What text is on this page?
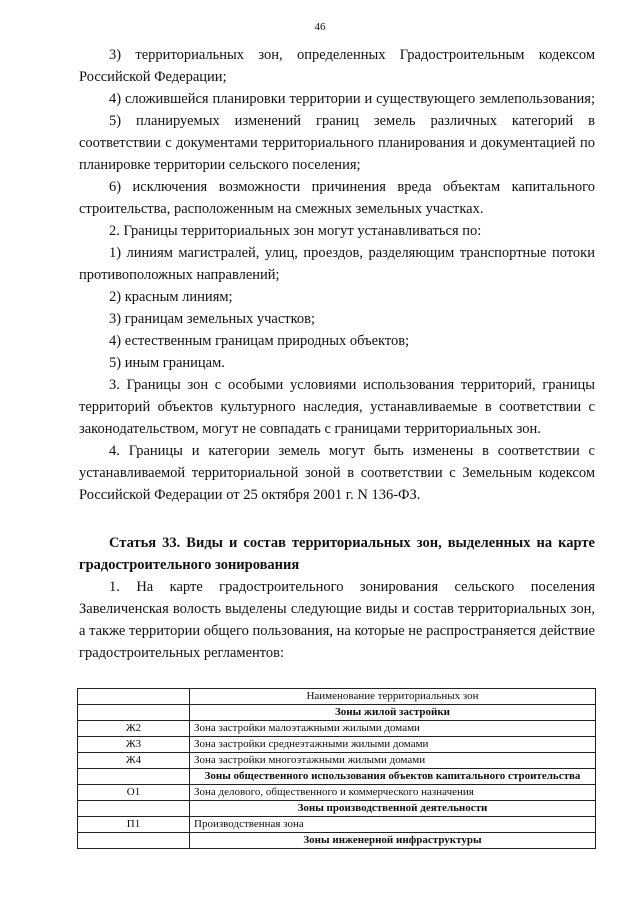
46

3) территориальных зон, определенных Градостроительным кодексом Российской Федерации;

4) сложившейся планировки территории и существующего землепользования;

5) планируемых изменений границ земель различных категорий в соответствии с документами территориального планирования и документацией по планировке территории сельского поселения;

6) исключения возможности причинения вреда объектам капитального строительства, расположенным на смежных земельных участках.

2. Границы территориальных зон могут устанавливаться по:

1) линиям магистралей, улиц, проездов, разделяющим транспортные потоки противоположных направлений;

2) красным линиям;

3) границам земельных участков;

4) естественным границам природных объектов;

5) иным границам.

3. Границы зон с особыми условиями использования территорий, границы территорий объектов культурного наследия, устанавливаемые в соответствии с законодательством, могут не совпадать с границами территориальных зон.

4. Границы и категории земель могут быть изменены в соответствии с устанавливаемой территориальной зоной в соответствии с Земельным кодексом Российской Федерации от 25 октября 2001 г. N 136-ФЗ.

Статья 33. Виды и состав территориальных зон, выделенных на карте градостроительного зонирования

1. На карте градостроительного зонирования сельского поселения Завеличенская волость выделены следующие виды и состав территориальных зон, а также территории общего пользования, на которые не распространяется действие градостроительных регламентов:

	Наименование территориальных зон
	Зоны жилой застройки
Ж2	Зона застройки малоэтажными жилыми домами
Ж3	Зона застройки среднеэтажными жилыми домами
Ж4	Зона застройки многоэтажными жилыми домами
	Зоны общественного использования объектов капитального строительства
О1	Зона делового, общественного и коммерческого назначения
	Зоны производственной деятельности
П1	Производственная зона
	Зоны инженерной инфраструктуры
